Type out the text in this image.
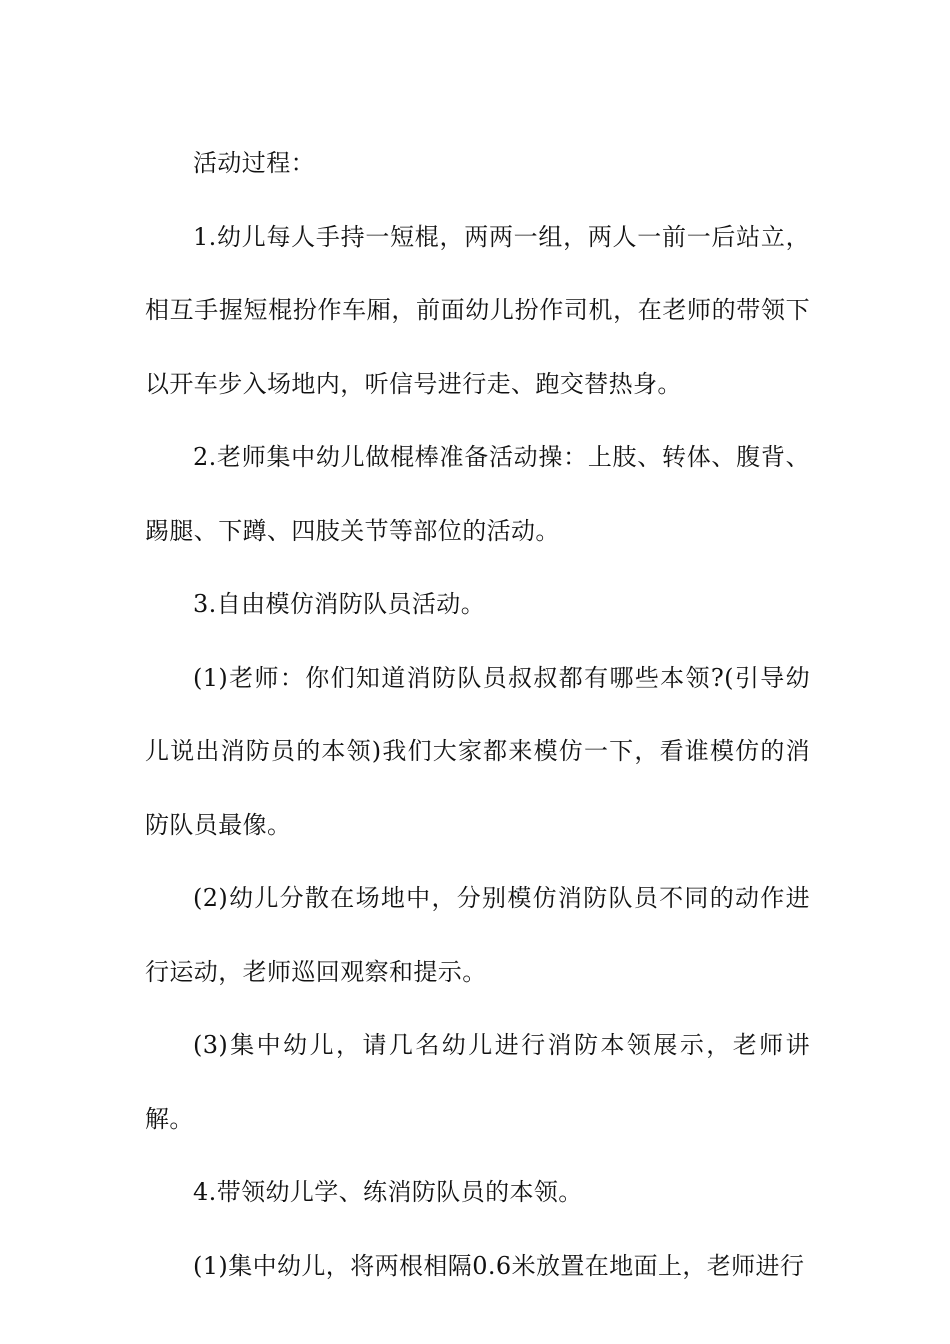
活动过程：

1.幼儿每人手持一短棍，两两一组，两人一前一后站立，相互手握短棍扮作车厢，前面幼儿扮作司机，在老师的带领下以开车步入场地内，听信号进行走、跑交替热身。

2.老师集中幼儿做棍棒准备活动操：上肢、转体、腹背、踢腿、下蹲、四肢关节等部位的活动。

3.自由模仿消防队员活动。

(1)老师：你们知道消防队员叔叔都有哪些本领?(引导幼儿说出消防员的本领)我们大家都来模仿一下，看谁模仿的消防队员最像。

(2)幼儿分散在场地中，分别模仿消防队员不同的动作进行运动，老师巡回观察和提示。

(3)集中幼儿，请几名幼儿进行消防本领展示，老师讲解。

4.带领幼儿学、练消防队员的本领。

(1)集中幼儿，将两根相隔0.6米放置在地面上，老师进行
